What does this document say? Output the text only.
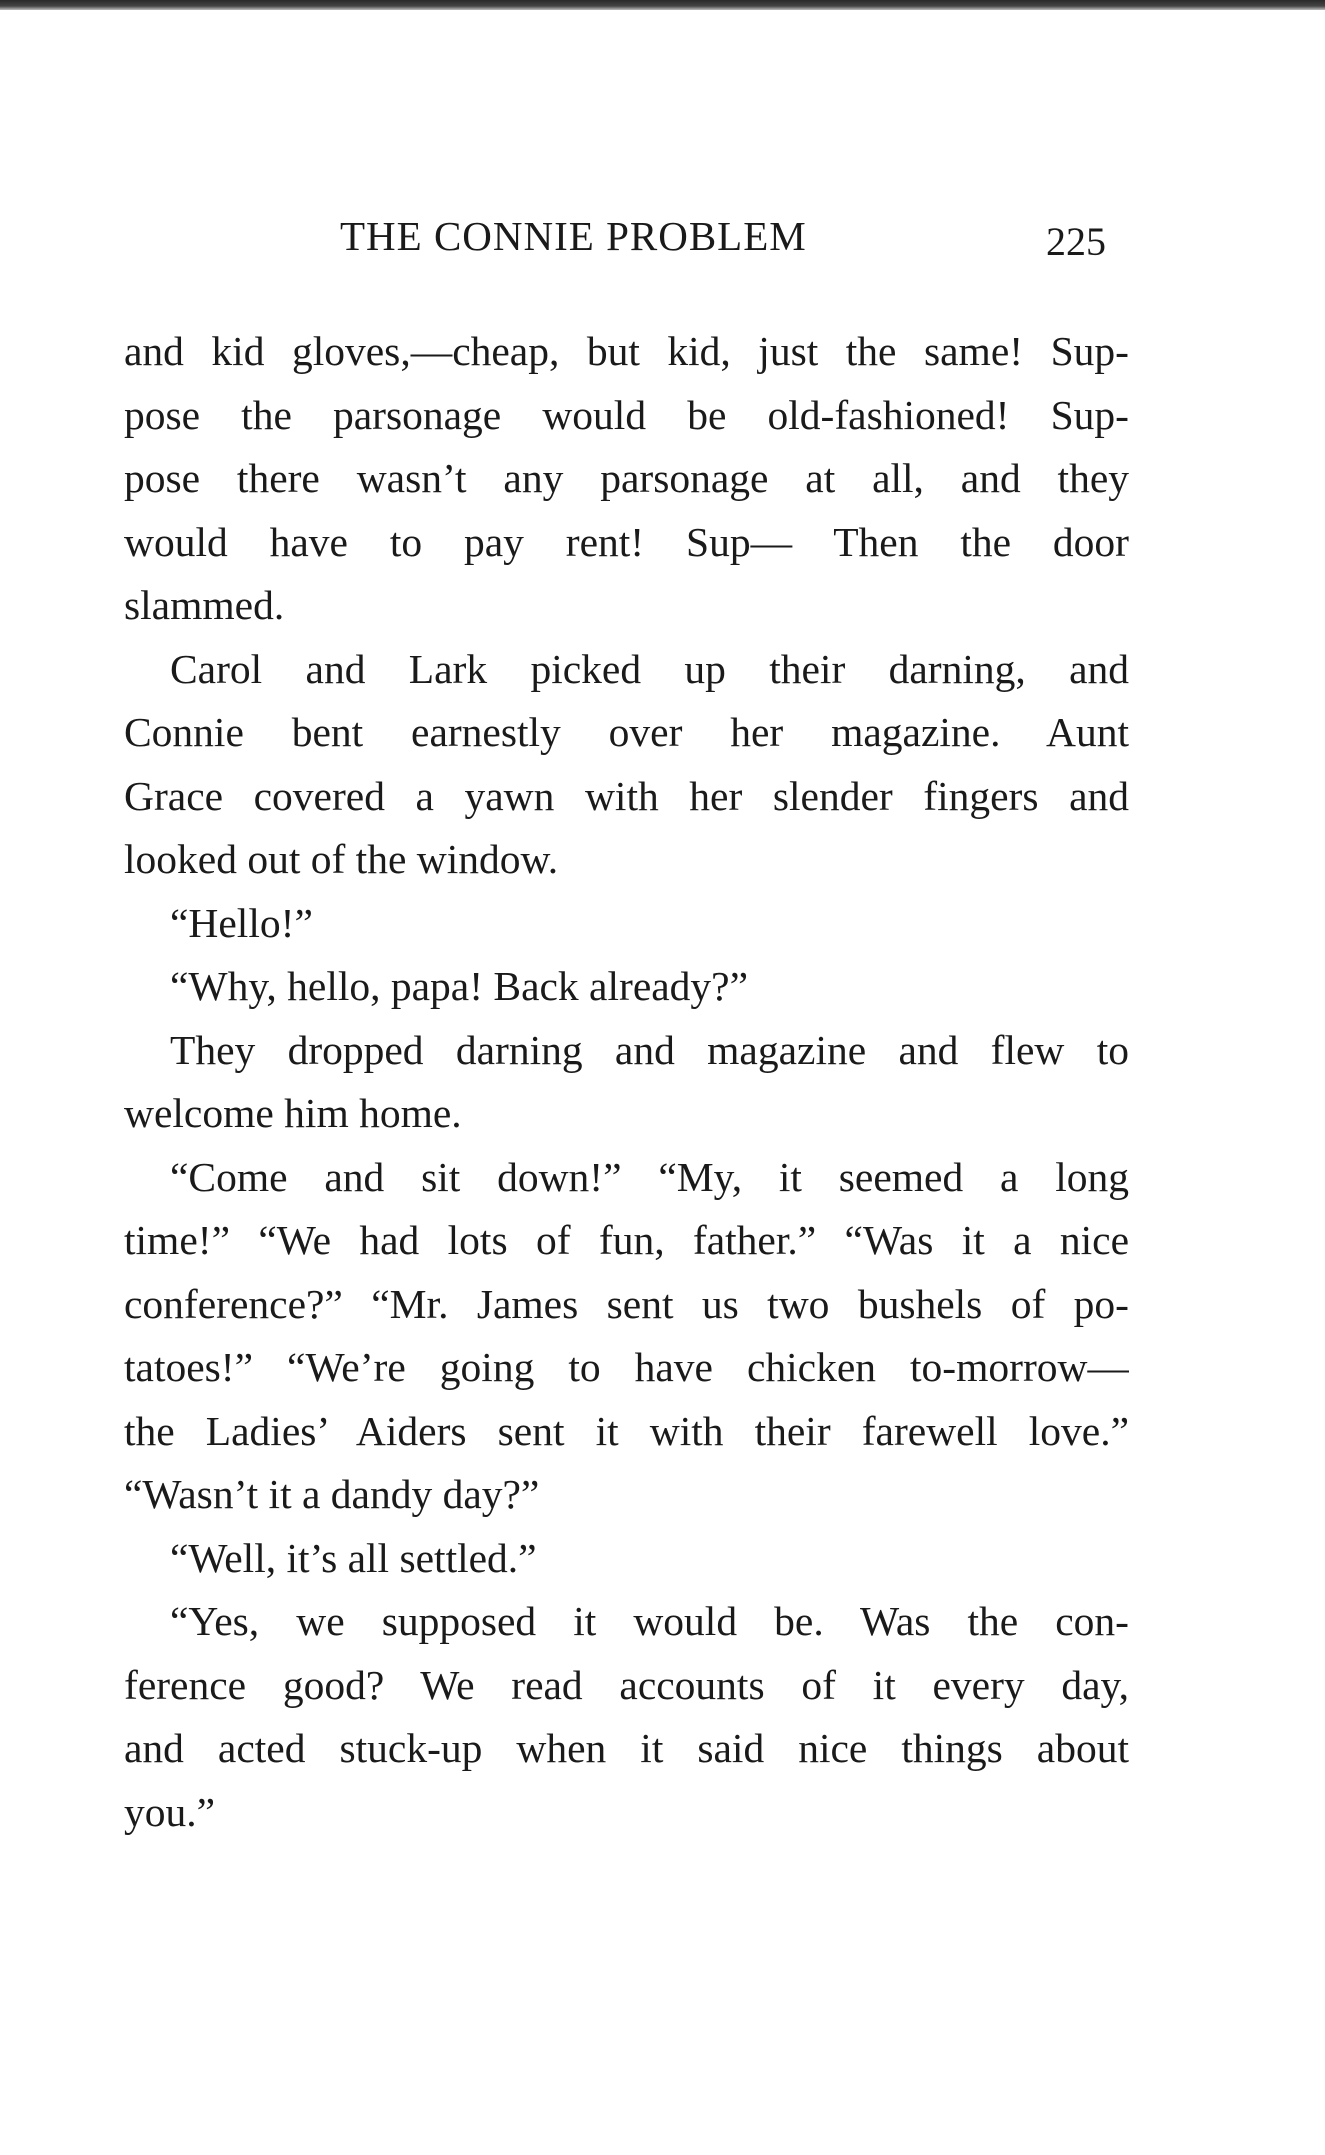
THE CONNIE PROBLEM	225
and kid gloves,—cheap, but kid, just the same! Sup-
pose the parsonage would be old-fashioned! Sup-
pose there wasn’t any parsonage at all, and they
would have to pay rent! Sup— Then the door
slammed.
Carol and Lark picked up their darning, and
Connie bent earnestly over her magazine. Aunt
Grace covered a yawn with her slender fingers and
looked out of the window.
“Hello!”
“Why, hello, papa! Back already?”
They dropped darning and magazine and flew to
welcome him home.
“Come and sit down!” “My, it seemed a long
time!” “We had lots of fun, father.” “Was it a nice
conference?” “Mr. James sent us two bushels of po-
tatoes!” “We’re going to have chicken to-morrow—
the Ladies’ Aiders sent it with their farewell love.”
“Wasn’t it a dandy day?”
“Well, it’s all settled.”
“Yes, we supposed it would be. Was the con-
ference good? We read accounts of it every day,
and acted stuck-up when it said nice things about
you.”
